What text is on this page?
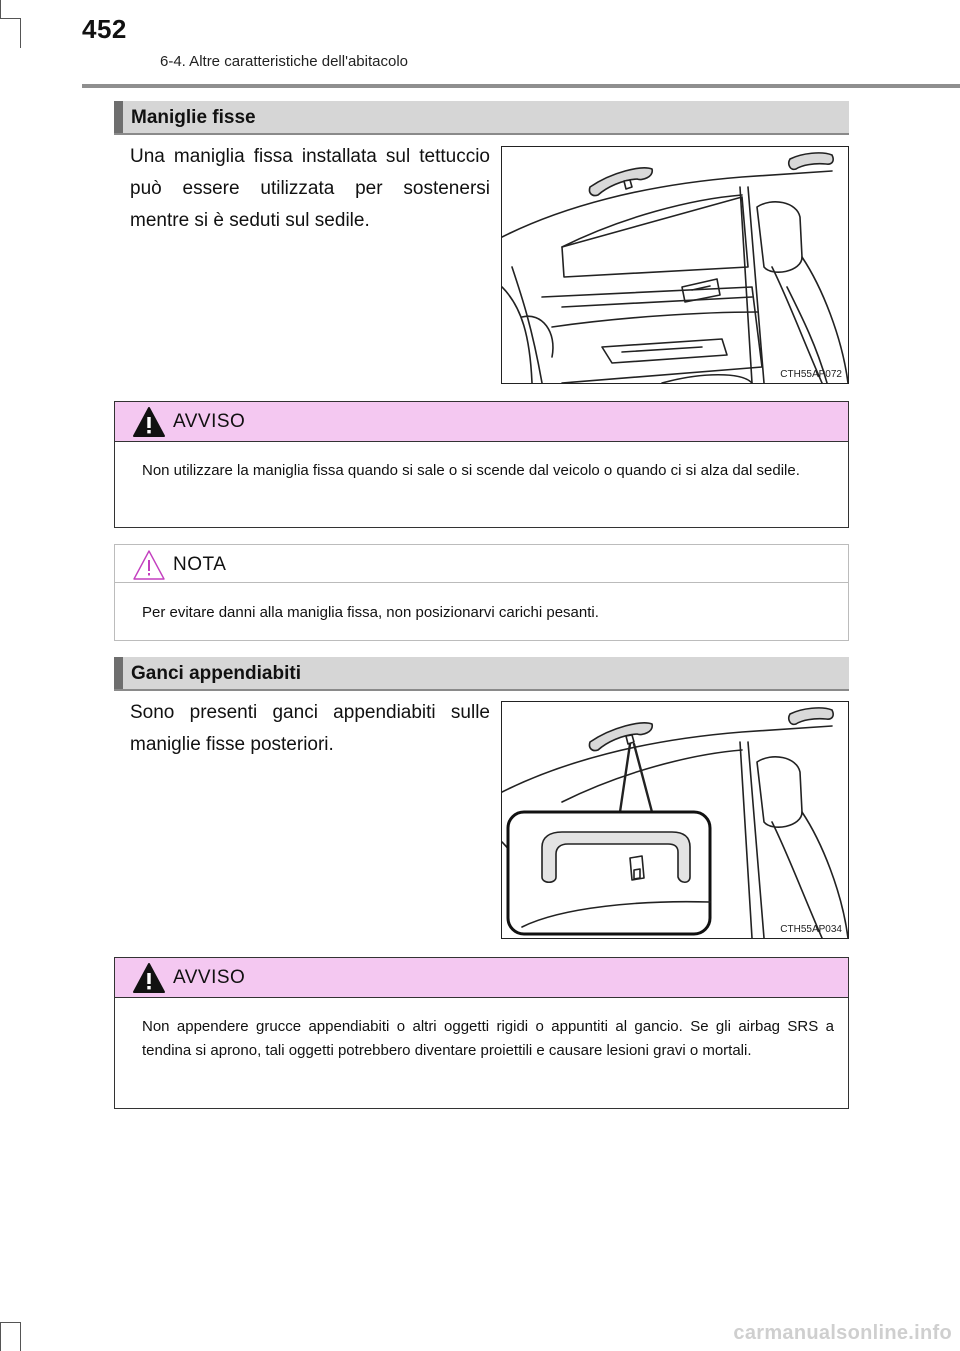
452
6-4. Altre caratteristiche dell'abitacolo
Maniglie fisse
Una maniglia fissa installata sul tettuccio può essere utilizzata per sostenersi mentre si è seduti sul sedile.
CTH55AP072
AVVISO
Non utilizzare la maniglia fissa quando si sale o si scende dal veicolo o quando ci si alza dal sedile.
NOTA
Per evitare danni alla maniglia fissa, non posizionarvi carichi pesanti.
Ganci appendiabiti
Sono presenti ganci appendiabiti sulle maniglie fisse posteriori.
CTH55AP034
AVVISO
Non appendere grucce appendiabiti o altri oggetti rigidi o appuntiti al gancio. Se gli airbag SRS a tendina si aprono, tali oggetti potrebbero diventare proiettili e causare lesioni gravi o mortali.
carmanualsonline.info
